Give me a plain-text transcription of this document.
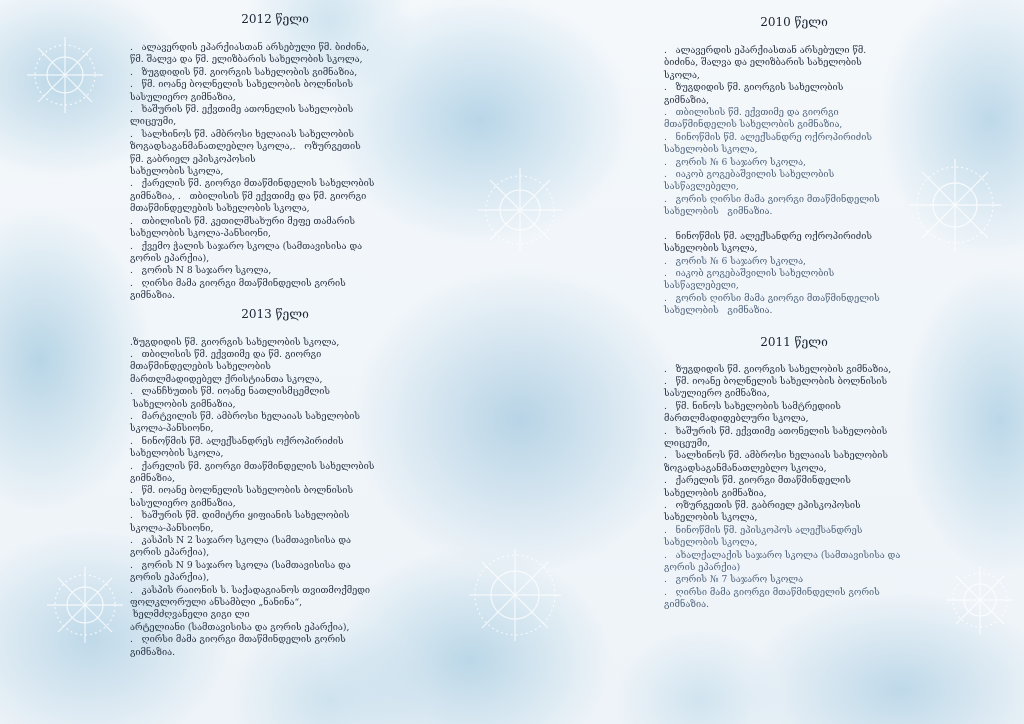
2012 წელი
.   ალავერდის ეპარქიასთან არსებული წმ. ბიძინა,
წმ. შალვა და წმ. ელიზბარის სახელობის სკოლა,
.   ზუგდიდის წმ. გიორგის სახელობის გიმნაზია,
.   წმ. იოანე ბოლნელის სახელობის ბოლნისის
სასულიერო გიმნაზია,
.   ხაშურის წმ. ექვთიმე ათონელის სახელობის
ლიცეუმი,
.   სალხინოს წმ. ამბროსი ხელაიას სახელობის
ზოგადსაგანმანათლებლო სკოლა,.   ოზურგეთის
წმ. გაბრიელ ეპისკოპოსის
სახელობის სკოლა,
.   ქარელის წმ. გიორგი მთაწმინდელის სახელობის
გიმნაზია, .   თბილისის წმ ექვთიმე და წმ. გიორგი
მთაწმინდელების სახელობის სკოლა,
.   თბილისის წმ. კეთილმსახური მეფე თამარის
სახელობის სკოლა-პანსიონი,
.   ქვემო ჭალის საჯარო სკოლა (სამთავისისა და
გორის ეპარქია),
.   გორის N 8 საჯარო სკოლა,
.   ღირსი მამა გიორგი მთაწმინდელის გორის
გიმნაზია.
2013 წელი
.ზუგდიდის წმ. გიორგის სახელობის სკოლა,
.   თბილისის წმ. ექვთიმე და წმ. გიორგი
მთაწმინდელების სახელობის
მართლმადიდებელ ქრისტიანთა სკოლა,
.   ლანჩხუთის წმ. იოანე ნათლისმცემლის
სახელობის გიმნაზია,
.   მარტვილის წმ. ამბროსი ხელაიას სახელობის
სკოლა-პანსიონი,
.   ნინოწმის წმ. ალექსანდრეს ოქროპირიძის
სახელობის სკოლა,
.   ქარელის წმ. გიორგი მთაწმინდელის სახელობის
გიმნაზია,
.   წმ. იოანე ბოლნელის სახელობის ბოლნისის
სასულიერო გიმნაზია,
.   ხაშურის წმ. დიმიტრი ყიფიანის სახელობის
სკოლა-პანსიონი,
.   კასპის N 2 საჯარო სკოლა (სამთავისისა და
გორის ეპარქია),
.   გორის N 9 საჯარო სკოლა (სამთავისისა და
გორის ეპარქია),
.   კასპის რაიონის ს. საქადაგიანოს თვითმოქმედი
ფოლკლორული ანსამბლი „ნანინა“,
ხელმძღვანელი გიგი ლი
არტელიანი (სამთავისისა და გორის ეპარქია),
.   ღირსი მამა გიორგი მთაწმინდელის გორის
გიმნაზია.
2010 წელი
.   ალავერდის ეპარქიასთან არსებული წმ.
ბიძინა, შალვა და ელიზბარის სახელობის
სკოლა,
.   ზუგდიდის წმ. გიორგის სახელობის
გიმნაზია,
.   თბილისის წმ. ექვთიმე და გიორგი
მთაწმინდელის სახელობის გიმნაზია,
.   ნინოწმის წმ. ალექსანდრე ოქროპირიძის
სახელობის სკოლა,
.   გორის № 6 საჯარო სკოლა,
.   იაკობ გოგებაშვილის სახელობის
სასწავლებელი,
.   გორის ღირსი მამა გიორგი მთაწმინდელის
სახელობის   გიმნაზია.
.   ნინოწმის წმ. ალექსანდრე ოქროპირიძის
სახელობის სკოლა,
.   გორის № 6 საჯარო სკოლა,
.   იაკობ გოგებაშვილის სახელობის
სასწავლებელი,
.   გორის ღირსი მამა გიორგი მთაწმინდელის
სახელობის   გიმნაზია.
2011 წელი
.   ზუგდიდის წმ. გიორგის სახელობის გიმნაზია,
.   წმ. იოანე ბოლნელის სახელობის ბოლნისის
სასულიერო გიმნაზია,
.   წმ. ნინოს სახელობის სამტრედიის
მართლმადიდებლური სკოლა,
.   ხაშურის წმ. ექვთიმე ათონელის სახელობის
ლიცეუმი,
.   სალხინოს წმ. ამბროსი ხელაიას სახელობის
ზოგადსაგანმანათლებლო სკოლა,
.   ქარელის წმ. გიორგი მთაწმინდელის
სახელობის გიმნაზია,
.   ოზურგეთის წმ. გაბრიელ ეპისკოპოსის
სახელობის სკოლა,
.   ნინოწმის წმ. ეპისკოპოს ალექსანდრეს
სახელობის სკოლა,
.   ახალქალაქის საჯარო სკოლა (სამთავისისა და
გორის ეპარქია)
.   გორის № 7 საჯარო სკოლა
.   ღირსი მამა გიორგი მთაწმინდელის გორის
გიმნაზია.
